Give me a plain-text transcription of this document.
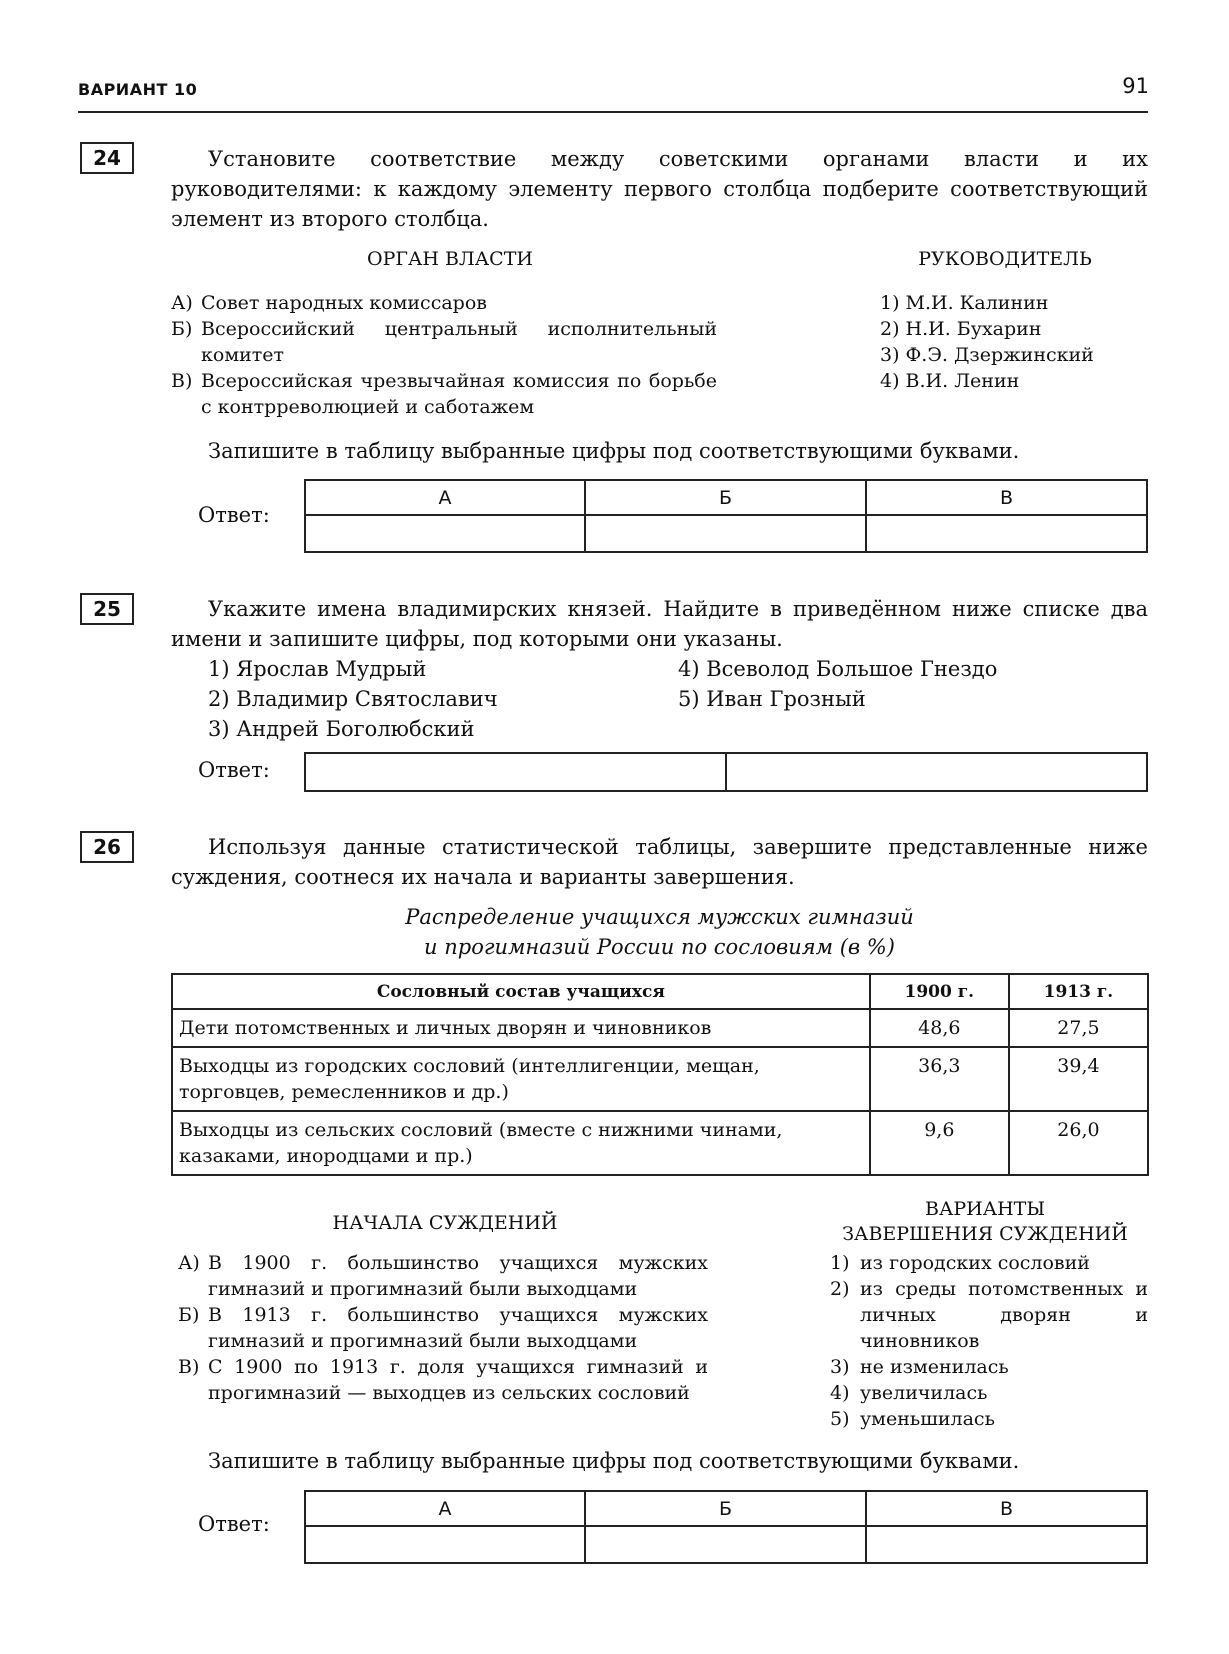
ВАРИАНТ 10	91
24	Установите соответствие между советскими органами власти и их руководителями: к каждому элементу первого столбца подберите соответствующий элемент из второго столбца.
ОРГАН ВЛАСТИ	РУКОВОДИТЕЛЬ
А) Совет народных комиссаров
Б) Всероссийский центральный исполнительный комитет
В) Всероссийская чрезвычайная комиссия по борьбе с контрреволюцией и саботажем
1) М.И. Калинин
2) Н.И. Бухарин
3) Ф.Э. Дзержинский
4) В.И. Ленин
Запишите в таблицу выбранные цифры под соответствующими буквами.
Ответ:
А	Б	В

25	Укажите имена владимирских князей. Найдите в приведённом ниже списке два имени и запишите цифры, под которыми они указаны.
1) Ярослав Мудрый
2) Владимир Святославич
3) Андрей Боголюбский
4) Всеволод Большое Гнездо
5) Иван Грозный
Ответ:

26	Используя данные статистической таблицы, завершите представленные ниже суждения, соотнеся их начала и варианты завершения.
Распределение учащихся мужских гимназий
и прогимназий России по сословиям (в %)
Сословный состав учащихся	1900 г.	1913 г.
Дети потомственных и личных дворян и чиновников	48,6	27,5
Выходцы из городских сословий (интеллигенции, мещан, торговцев, ремесленников и др.)	36,3	39,4
Выходцы из сельских сословий (вместе с нижними чинами, казаками, инородцами и пр.)	9,6	26,0
НАЧАЛА СУЖДЕНИЙ
ВАРИАНТЫ
ЗАВЕРШЕНИЯ СУЖДЕНИЙ
А) В 1900 г. большинство учащихся мужских гимназий и прогимназий были выходцами
Б) В 1913 г. большинство учащихся мужских гимназий и прогимназий были выходцами
В) С 1900 по 1913 г. доля учащихся гимназий и прогимназий — выходцев из сельских сословий
1) из городских сословий
2) из среды потомственных и личных дворян и чиновников
3) не изменилась
4) увеличилась
5) уменьшилась
Запишите в таблицу выбранные цифры под соответствующими буквами.
Ответ:
А	Б	В
